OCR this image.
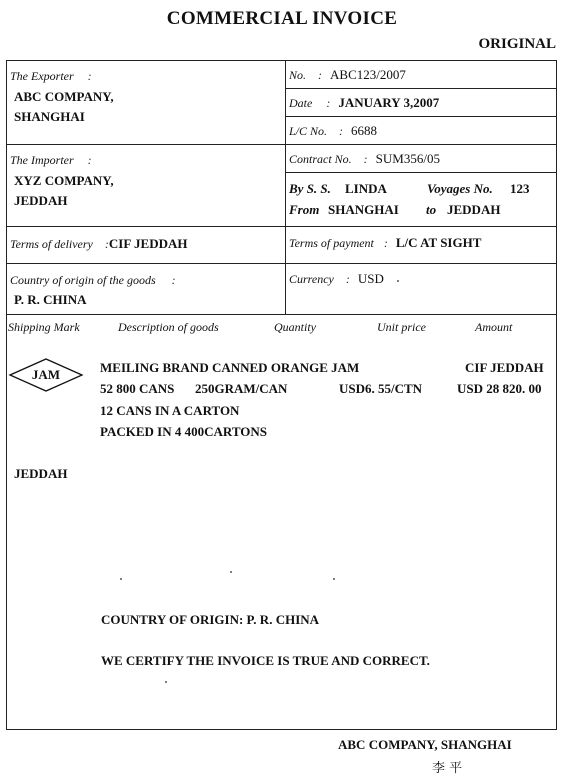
COMMERCIAL INVOICE
ORIGINAL
The Exporter :
ABC COMPANY,
SHANGHAI
No. : ABC123/2007
Date : JANUARY 3,2007
L/C No. : 6688
The Importer :
XYZ COMPANY,
JEDDAH
Contract No. : SUM356/05
By S. S. LINDA	Voyages No. 123
From SHANGHAI to JEDDAH
Terms of delivery :CIF JEDDAH	Terms of payment : L/C AT SIGHT
Country of origin of the goods :
P. R. CHINA
Currency : USD
Shipping Mark	Description of goods	Quantity	Unit price	Amount
JAM
JEDDAH
MEILING BRAND CANNED ORANGE JAM	CIF JEDDAH
52 800 CANS 250GRAM/CAN	USD6. 55/CTN	USD 28 820. 00
12 CANS IN A CARTON
PACKED IN 4 400CARTONS
COUNTRY OF ORIGIN: P. R. CHINA
WE CERTIFY THE INVOICE IS TRUE AND CORRECT.
ABC COMPANY, SHANGHAI
李 平
